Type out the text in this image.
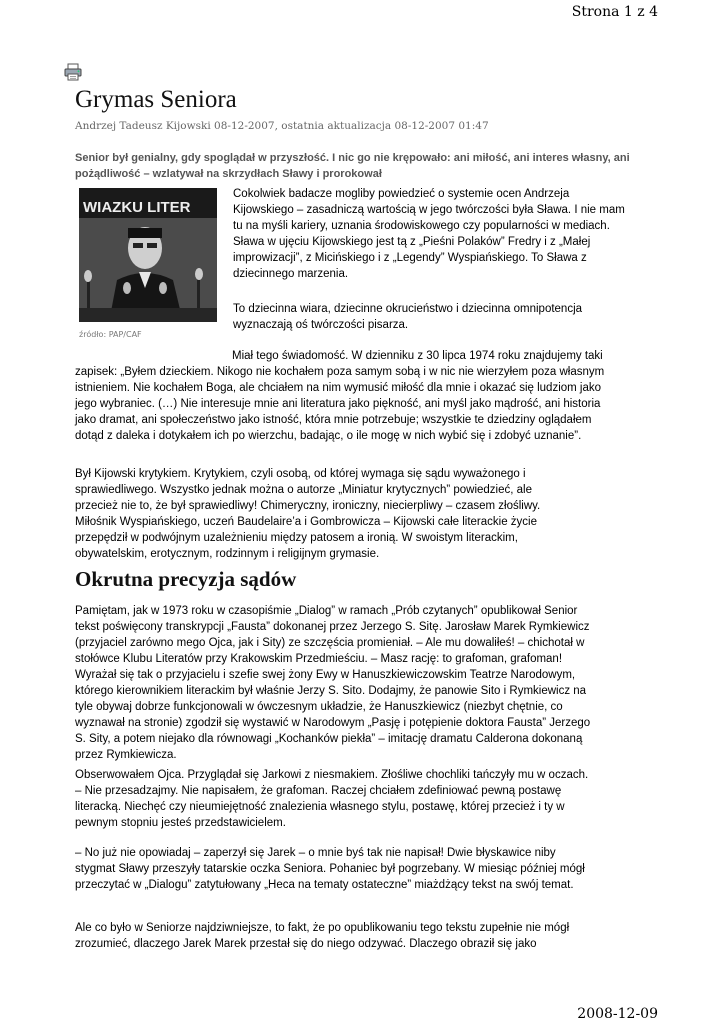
Strona 1 z 4
Grymas Seniora
Andrzej Tadeusz Kijowski 08-12-2007, ostatnia aktualizacja 08-12-2007 01:47

Senior był genialny, gdy spoglądał w przyszłość. I nic go nie krępowało: ani miłość, ani interes własny, ani pożądliwość – wzlatywał na skrzydłach Sławy i prorokował

WIAZKU LITER
źródło: PAP/CAF

Cokolwiek badacze mogliby powiedzieć o systemie ocen Andrzeja Kijowskiego – zasadniczą wartością w jego twórczości była Sława. I nie mam tu na myśli kariery, uznania środowiskowego czy popularności w mediach. Sława w ujęciu Kijowskiego jest tą z „Pieśni Polaków” Fredry i z „Małej improwizacji”, z Micińskiego i z „Legendy” Wyspiańskiego. To Sława z dziecinnego marzenia.

To dziecinna wiara, dziecinne okrucieństwo i dziecinna omnipotencja wyznaczają oś twórczości pisarza.

Miał tego świadomość. W dzienniku z 30 lipca 1974 roku znajdujemy taki zapisek: „Byłem dzieckiem. Nikogo nie kochałem poza samym sobą i w nic nie wierzyłem poza własnym istnieniem. Nie kochałem Boga, ale chciałem na nim wymusić miłość dla mnie i okazać się ludziom jako jego wybraniec. (…) Nie interesuje mnie ani literatura jako piękność, ani myśl jako mądrość, ani historia jako dramat, ani społeczeństwo jako istność, która mnie potrzebuje; wszystkie te dziedziny oglądałem dotąd z daleka i dotykałem ich po wierzchu, badając, o ile mogę w nich wybić się i zdobyć uznanie”.

Był Kijowski krytykiem. Krytykiem, czyli osobą, od której wymaga się sądu wyważonego i sprawiedliwego. Wszystko jednak można o autorze „Miniatur krytycznych” powiedzieć, ale przecież nie to, że był sprawiedliwy! Chimeryczny, ironiczny, niecierpliwy – czasem złośliwy. Miłośnik Wyspiańskiego, uczeń Baudelaire’a i Gombrowicza – Kijowski całe literackie życie przepędził w podwójnym uzależnieniu między patosem a ironią. W swoistym literackim, obywatelskim, erotycznym, rodzinnym i religijnym grymasie.

Okrutna precyzja sądów

Pamiętam, jak w 1973 roku w czasopiśmie „Dialog” w ramach „Prób czytanych” opublikował Senior tekst poświęcony transkrypcji „Fausta” dokonanej przez Jerzego S. Sitę. Jarosław Marek Rymkiewicz (przyjaciel zarówno mego Ojca, jak i Sity) ze szczęścia promieniał. – Ale mu dowaliłeś! – chichotał w stołówce Klubu Literatów przy Krakowskim Przedmieściu. – Masz rację: to grafoman, grafoman! Wyrażał się tak o przyjacielu i szefie swej żony Ewy w Hanuszkiewiczowskim Teatrze Narodowym, którego kierownikiem literackim był właśnie Jerzy S. Sito. Dodajmy, że panowie Sito i Rymkiewicz na tyle obywaj dobrze funkcjonowali w ówczesnym układzie, że Hanuszkiewicz (niezbyt chętnie, co wyznawał na stronie) zgodził się wystawić w Narodowym „Pasję i potępienie doktora Fausta” Jerzego S. Sity, a potem niejako dla równowagi „Kochanków piekła” – imitację dramatu Calderona dokonaną przez Rymkiewicza.

Obserwowałem Ojca. Przyglądał się Jarkowi z niesmakiem. Złośliwe chochliki tańczyły mu w oczach. – Nie przesadzajmy. Nie napisałem, że grafoman. Raczej chciałem zdefiniować pewną postawę literacką. Niechęć czy nieumiejętność znalezienia własnego stylu, postawę, której przecież i ty w pewnym stopniu jesteś przedstawicielem.

– No już nie opowiadaj – zaperzył się Jarek – o mnie byś tak nie napisał! Dwie błyskawice niby stygmat Sławy przeszyły tatarskie oczka Seniora. Pohaniec był pogrzebany. W miesiąc później mógł przeczytać w „Dialogu” zatytułowany „Heca na tematy ostateczne” miażdżący tekst na swój temat.

Ale co było w Seniorze najdziwniejsze, to fakt, że po opublikowaniu tego tekstu zupełnie nie mógł zrozumieć, dlaczego Jarek Marek przestał się do niego odzywać. Dlaczego obraził się jako

2008-12-09
